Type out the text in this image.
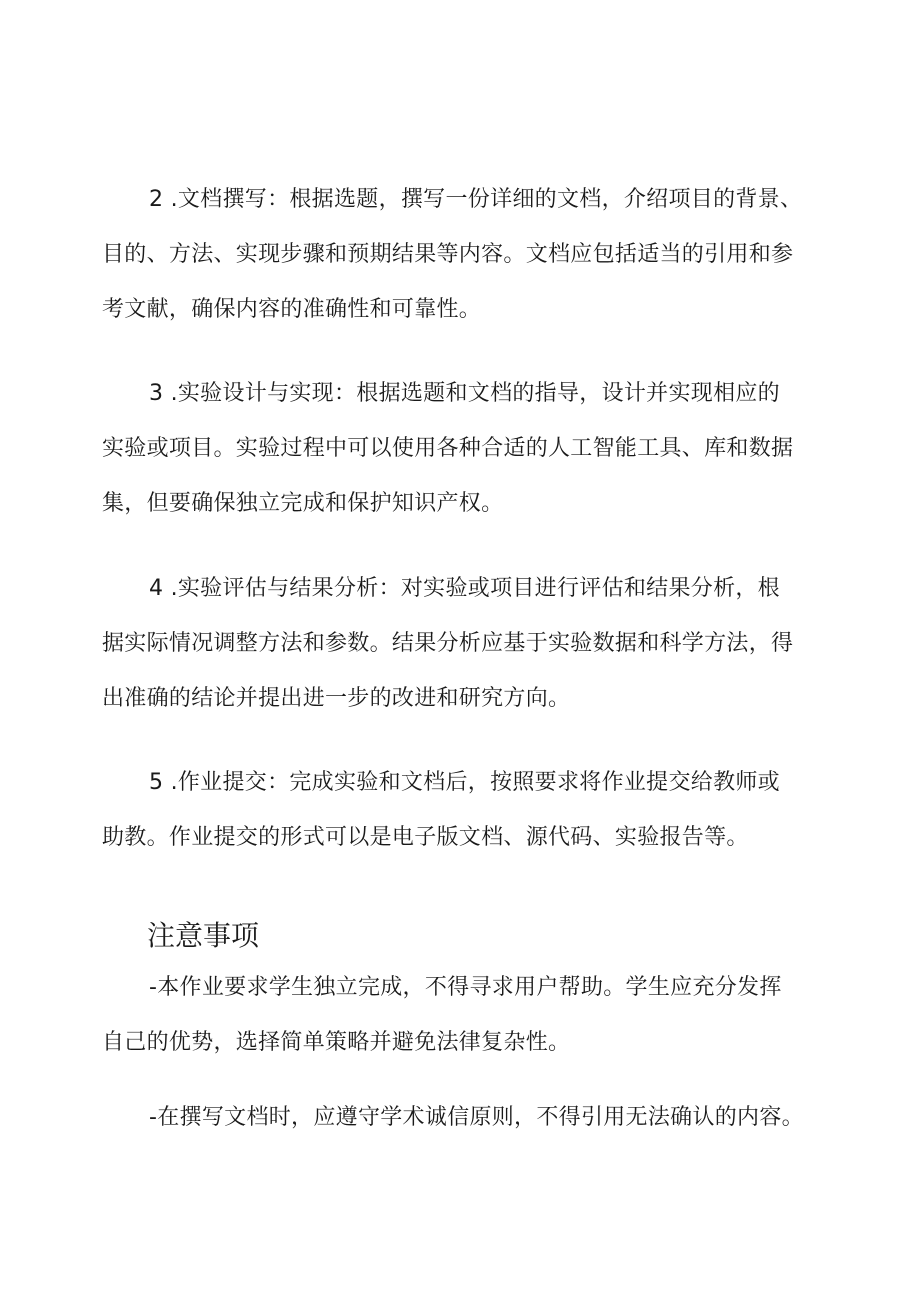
2 .文档撰写：根据选题，撰写一份详细的文档，介绍项目的背景、
目的、方法、实现步骤和预期结果等内容。文档应包括适当的引用和参
考文献，确保内容的准确性和可靠性。

3 .实验设计与实现：根据选题和文档的指导，设计并实现相应的
实验或项目。实验过程中可以使用各种合适的人工智能工具、库和数据
集，但要确保独立完成和保护知识产权。

4 .实验评估与结果分析：对实验或项目进行评估和结果分析，根
据实际情况调整方法和参数。结果分析应基于实验数据和科学方法，得
出准确的结论并提出进一步的改进和研究方向。

5 .作业提交：完成实验和文档后，按照要求将作业提交给教师或
助教。作业提交的形式可以是电子版文档、源代码、实验报告等。

注意事项

-本作业要求学生独立完成，不得寻求用户帮助。学生应充分发挥
自己的优势，选择简单策略并避免法律复杂性。

-在撰写文档时，应遵守学术诚信原则，不得引用无法确认的内容。
